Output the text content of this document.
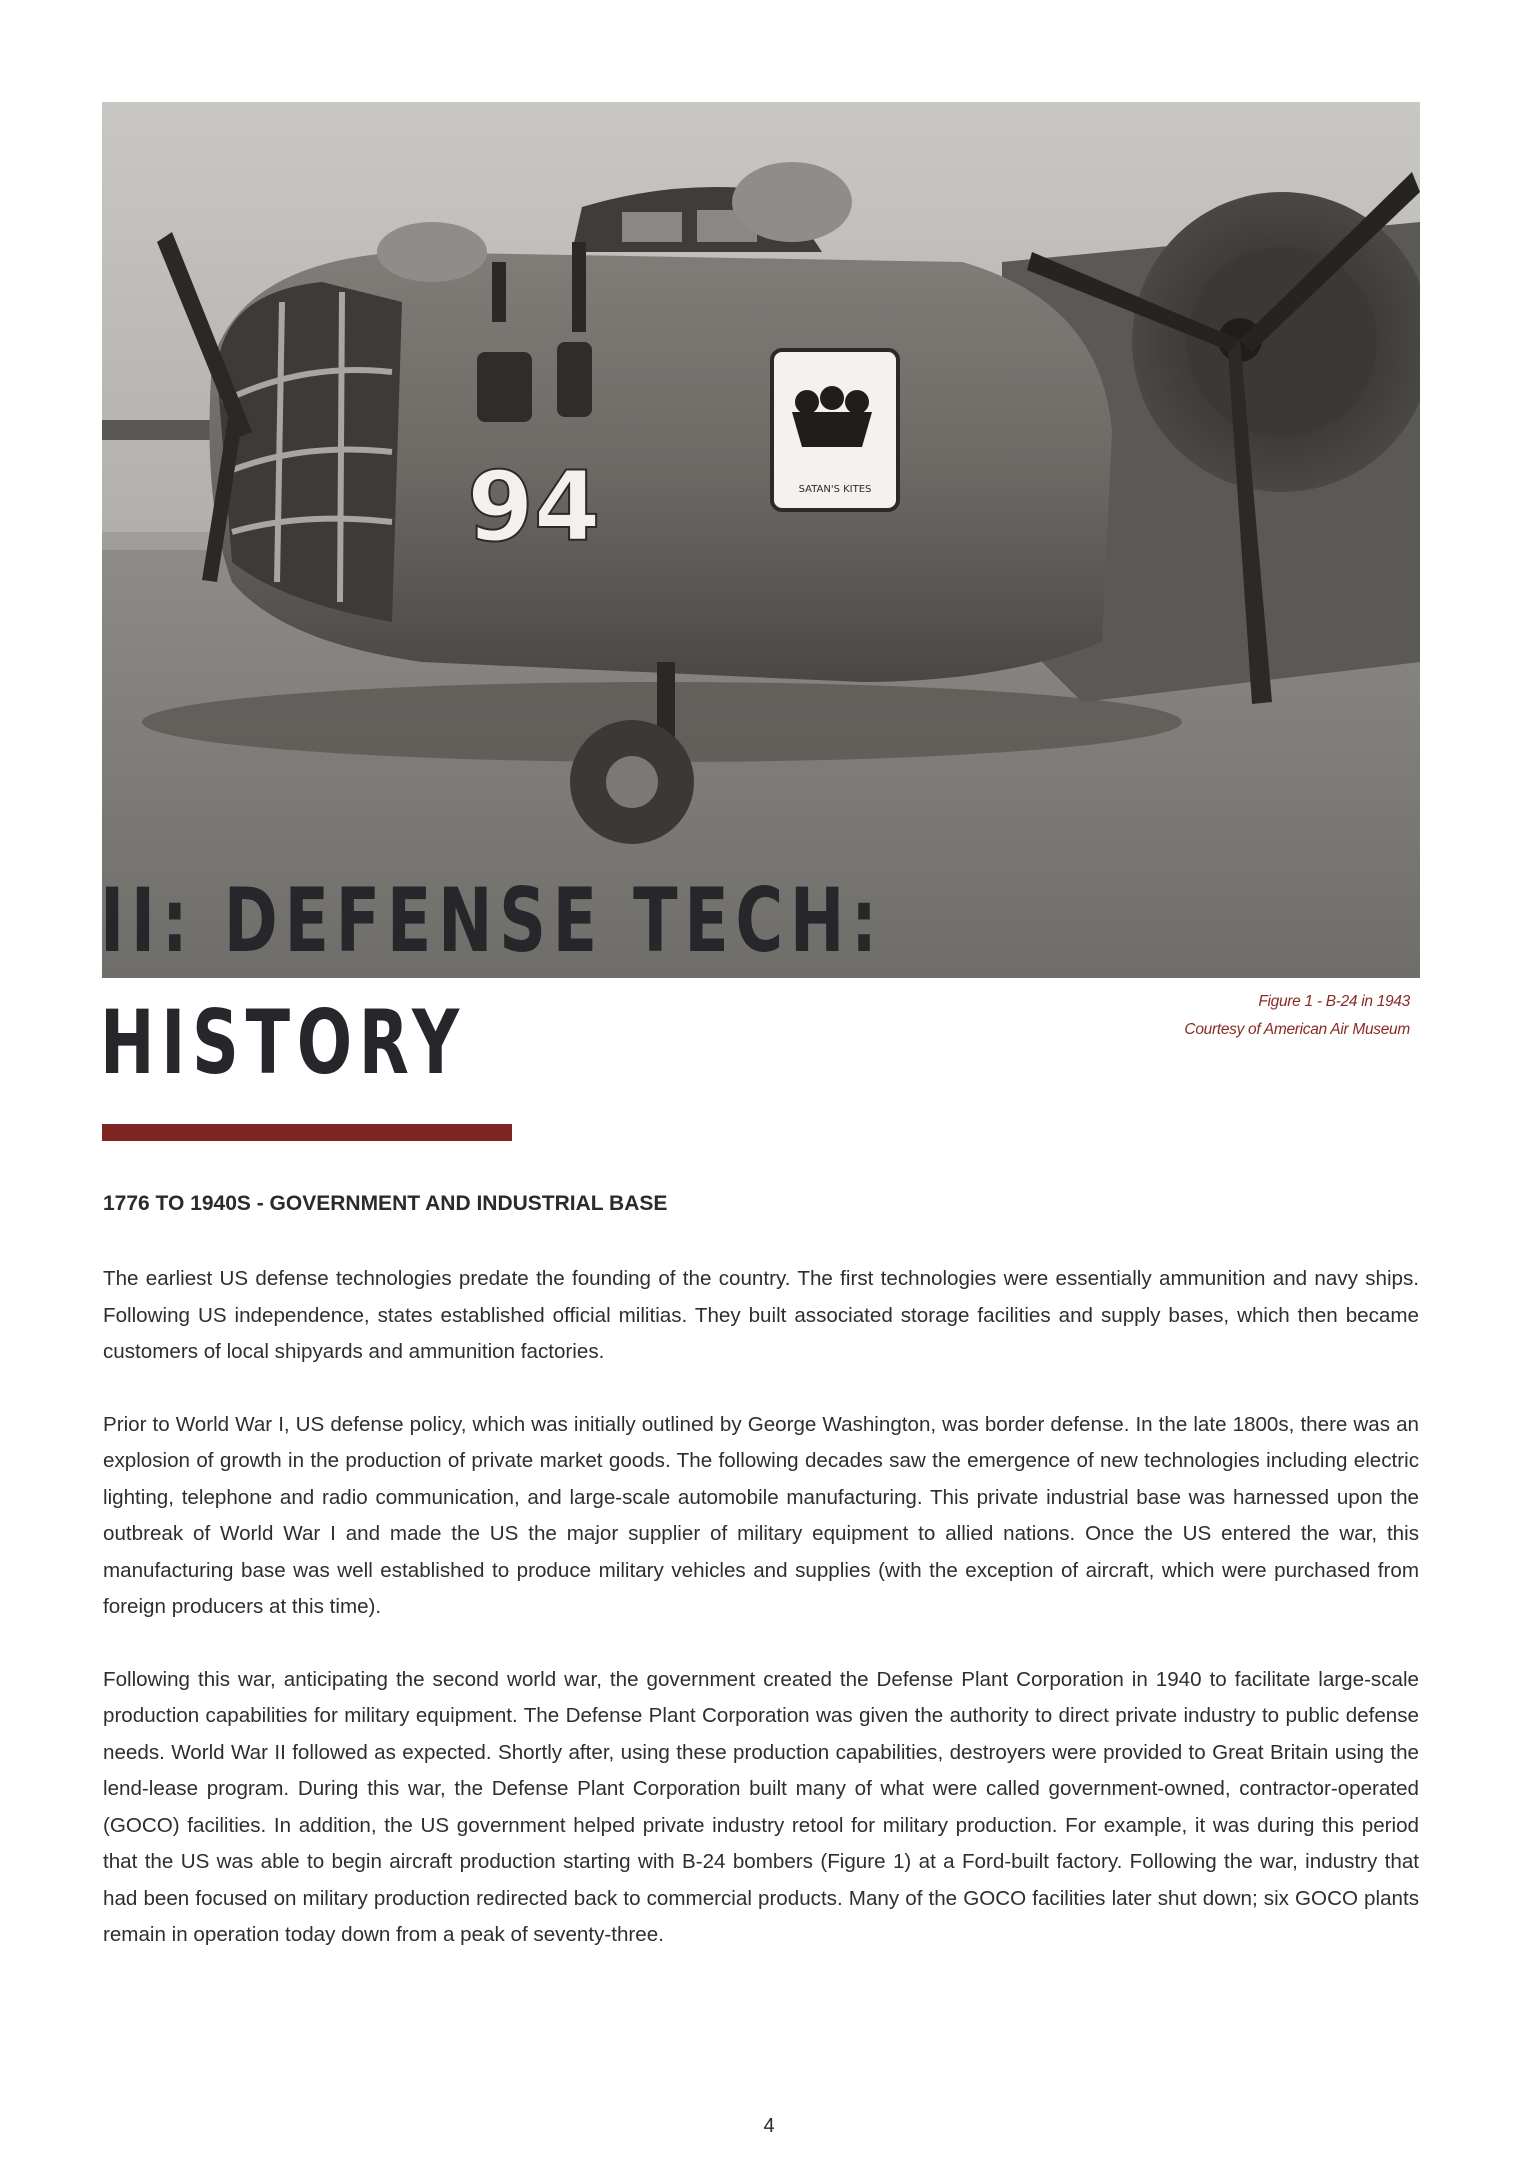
94	SATAN'S KITES
II: DEFENSE TECH:
HISTORY	Figure 1 - B-24 in 1943
Courtesy of American Air Museum
1776 TO 1940S - GOVERNMENT AND INDUSTRIAL BASE

The earliest US defense technologies predate the founding of the country. The first technologies were essentially ammunition and navy ships. Following US independence, states established official militias. They built associated storage facilities and supply bases, which then became customers of local shipyards and ammunition factories.

Prior to World War I, US defense policy, which was initially outlined by George Washington, was border defense. In the late 1800s, there was an explosion of growth in the production of private market goods. The following decades saw the emergence of new technologies including electric lighting, telephone and radio communication, and large-scale automobile manufacturing. This private industrial base was harnessed upon the outbreak of World War I and made the US the major supplier of military equipment to allied nations. Once the US entered the war, this manufacturing base was well established to produce military vehicles and supplies (with the exception of aircraft, which were purchased from foreign producers at this time).

Following this war, anticipating the second world war, the government created the Defense Plant Corporation in 1940 to facilitate large-scale production capabilities for military equipment. The Defense Plant Corporation was given the authority to direct private industry to public defense needs. World War II followed as expected. Shortly after, using these production capabilities, destroyers were provided to Great Britain using the lend-lease program. During this war, the Defense Plant Corporation built many of what were called government-owned, contractor-operated (GOCO) facilities. In addition, the US government helped private industry retool for military production. For example, it was during this period that the US was able to begin aircraft production starting with B-24 bombers (Figure 1) at a Ford-built factory. Following the war, industry that had been focused on military production redirected back to commercial products. Many of the GOCO facilities later shut down; six GOCO plants remain in operation today down from a peak of seventy-three.

4
